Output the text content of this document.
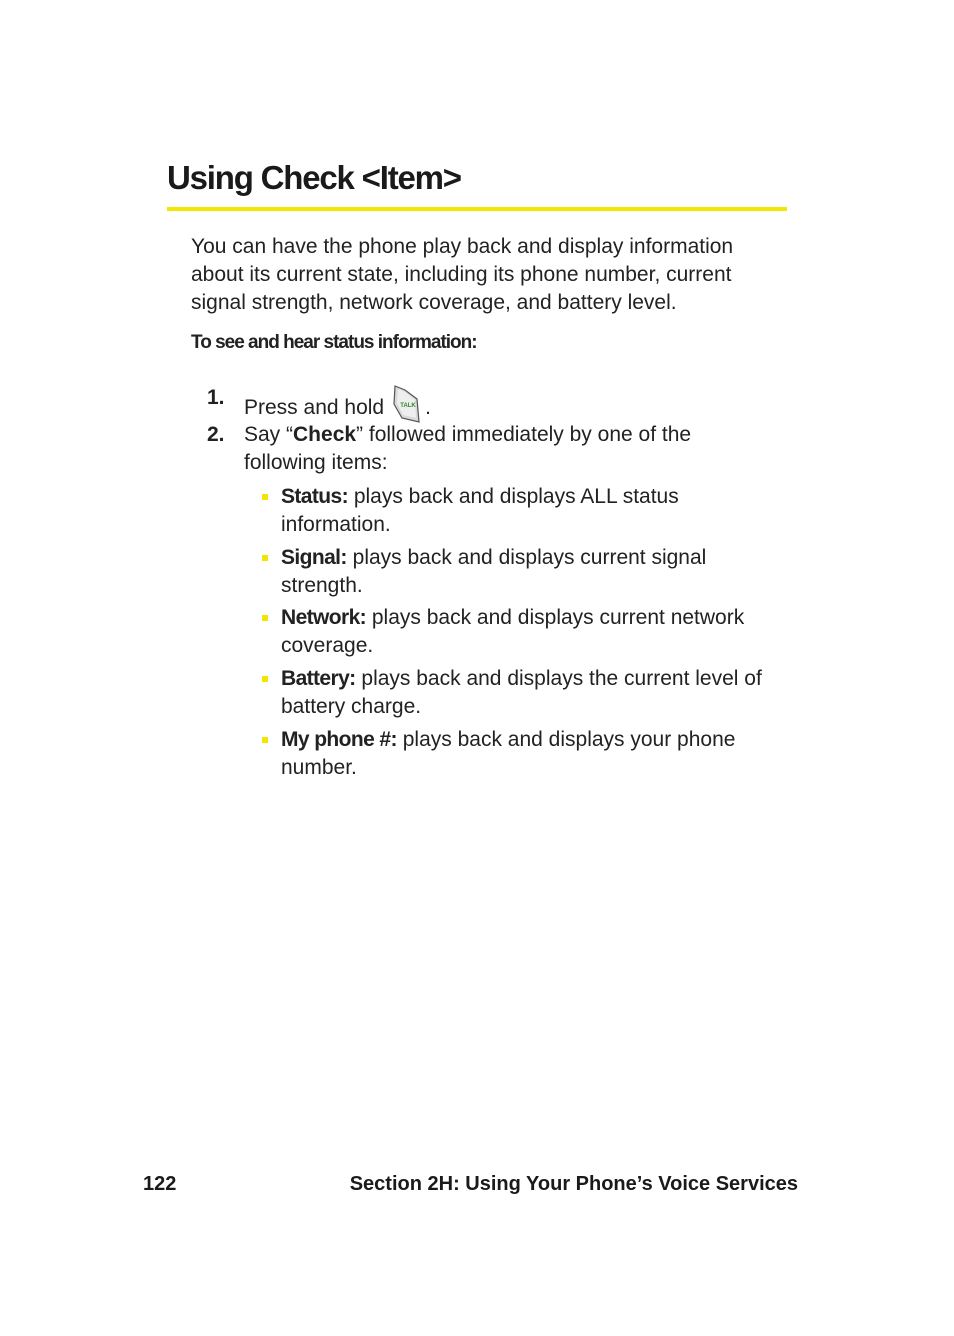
Using Check <Item>

You can have the phone play back and display information about its current state, including its phone number, current signal strength, network coverage, and battery level.

To see and hear status information:

1. Press and hold	TALK .
2. Say “Check” followed immediately by one of the following items:
Status: plays back and displays ALL status information.
Signal: plays back and displays current signal strength.
Network: plays back and displays current network coverage.
Battery: plays back and displays the current level of battery charge.
My phone #: plays back and displays your phone number.
122	Section 2H: Using Your Phone’s Voice Services
